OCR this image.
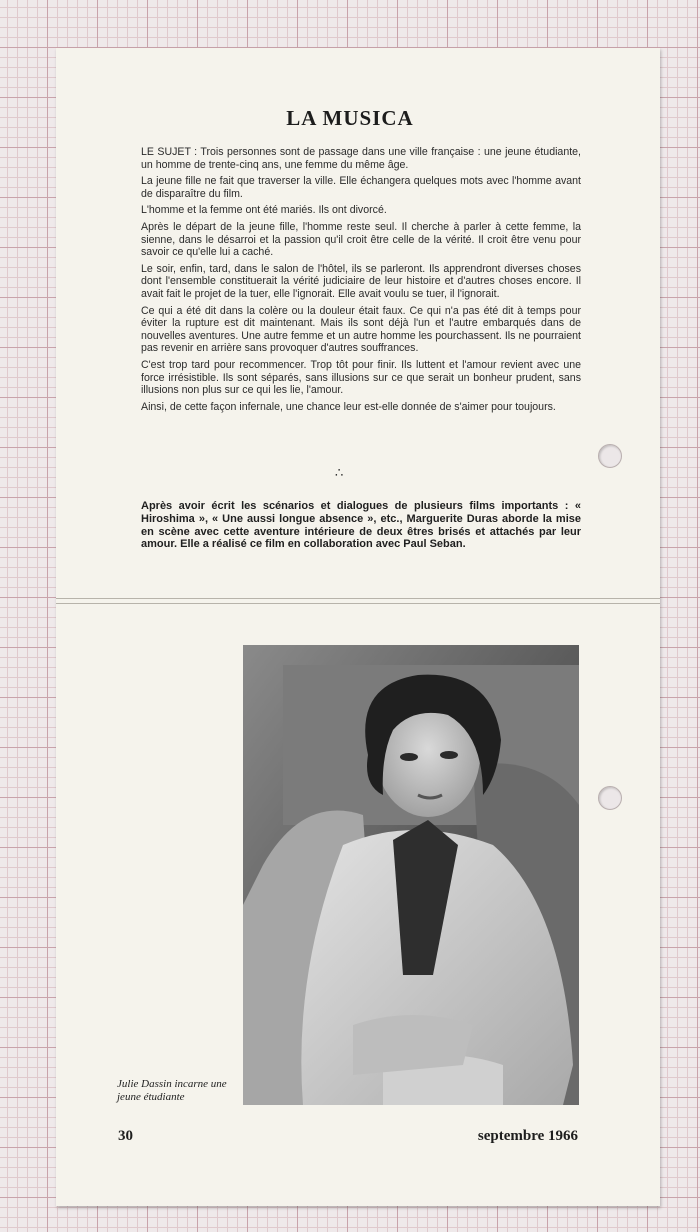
LA MUSICA

LE SUJET : Trois personnes sont de passage dans une ville française : une jeune étudiante, un homme de trente-cinq ans, une femme du même âge.

La jeune fille ne fait que traverser la ville. Elle échangera quelques mots avec l'homme avant de disparaître du film.

L'homme et la femme ont été mariés. Ils ont divorcé.

Après le départ de la jeune fille, l'homme reste seul. Il cherche à parler à cette femme, la sienne, dans le désarroi et la passion qu'il croit être celle de la vérité. Il croit être venu pour savoir ce qu'elle lui a caché.

Le soir, enfin, tard, dans le salon de l'hôtel, ils se parleront. Ils apprendront diverses choses dont l'ensemble constituerait la vérité judiciaire de leur histoire et d'autres choses encore. Il avait fait le projet de la tuer, elle l'ignorait. Elle avait voulu se tuer, il l'ignorait.

Ce qui a été dit dans la colère ou la douleur était faux. Ce qui n'a pas été dit à temps pour éviter la rupture est dit maintenant. Mais ils sont déjà l'un et l'autre embarqués dans de nouvelles aventures. Une autre femme et un autre homme les pourchassent. Ils ne pourraient pas revenir en arrière sans provoquer d'autres souffrances.

C'est trop tard pour recommencer. Trop tôt pour finir. Ils luttent et l'amour revient avec une force irrésistible. Ils sont séparés, sans illusions sur ce que serait un bonheur prudent, sans illusions non plus sur ce qui les lie, l'amour.

Ainsi, de cette façon infernale, une chance leur est-elle donnée de s'aimer pour toujours.

∴

Après avoir écrit les scénarios et dialogues de plusieurs films importants : « Hiroshima », « Une aussi longue absence », etc., Marguerite Duras aborde la mise en scène avec cette aventure intérieure de deux êtres brisés et attachés par leur amour. Elle a réalisé ce film en collaboration avec Paul Seban.

Julie Dassin incarne une jeune étudiante
30	septembre 1966
